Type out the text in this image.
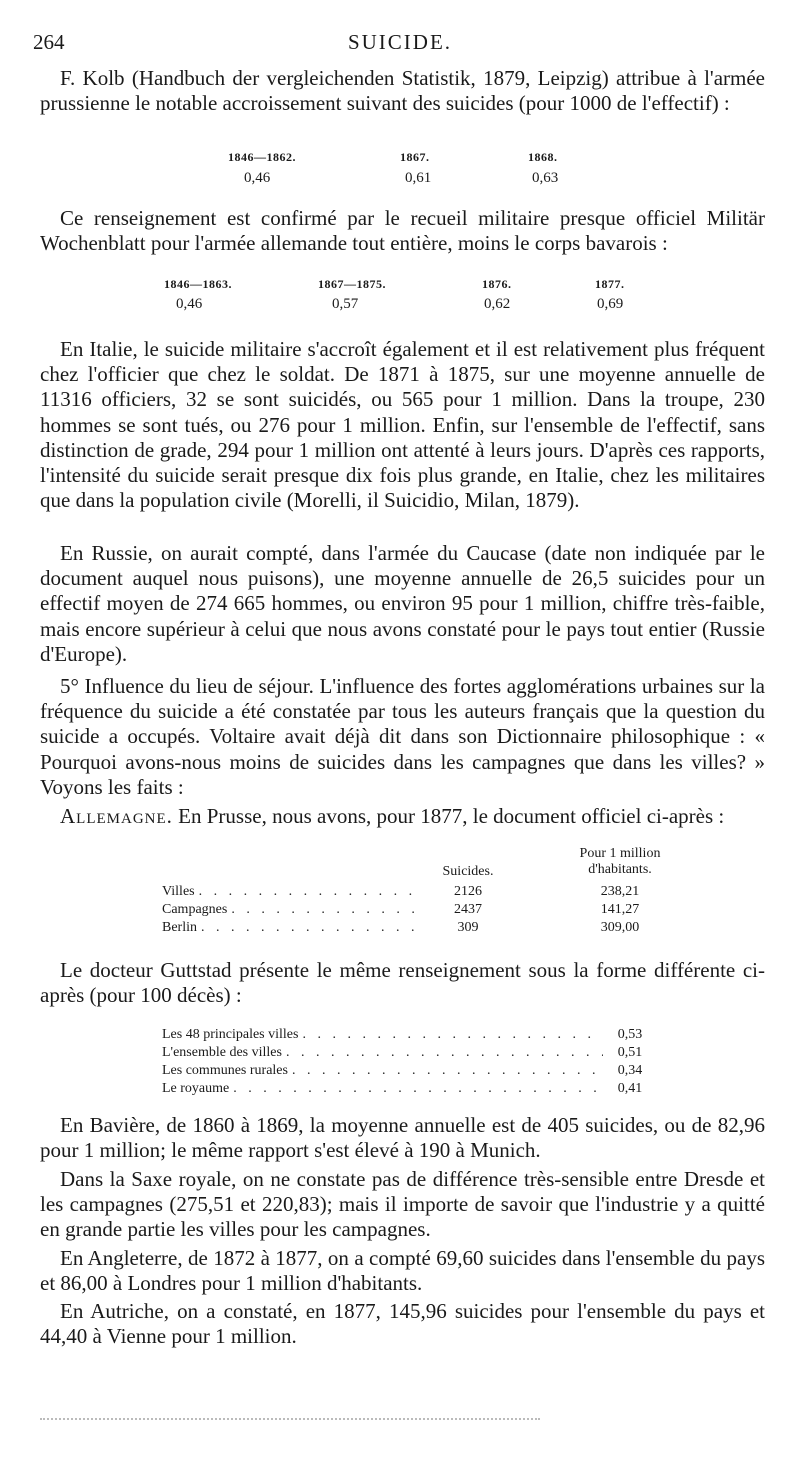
264	SUICIDE.

F. Kolb (Handbuch der vergleichenden Statistik, 1879, Leipzig) attribue à l'armée prussienne le notable accroissement suivant des suicides (pour 1000 de l'effectif) :

1846—1862.	1867.	1868.
0,46	0,61	0,63

Ce renseignement est confirmé par le recueil militaire presque officiel Militär Wochenblatt pour l'armée allemande tout entière, moins le corps bavarois :

1846—1863.	1867—1875.	1876.	1877.
0,46	0,57	0,62	0,69

En Italie, le suicide militaire s'accroît également et il est relativement plus fréquent chez l'officier que chez le soldat. De 1871 à 1875, sur une moyenne annuelle de 11316 officiers, 32 se sont suicidés, ou 565 pour 1 million. Dans la troupe, 230 hommes se sont tués, ou 276 pour 1 million. Enfin, sur l'ensemble de l'effectif, sans distinction de grade, 294 pour 1 million ont attenté à leurs jours. D'après ces rapports, l'intensité du suicide serait presque dix fois plus grande, en Italie, chez les militaires que dans la population civile (Morelli, il Suicidio, Milan, 1879).

En Russie, on aurait compté, dans l'armée du Caucase (date non indiquée par le document auquel nous puisons), une moyenne annuelle de 26,5 suicides pour un effectif moyen de 274 665 hommes, ou environ 95 pour 1 million, chiffre très-faible, mais encore supérieur à celui que nous avons constaté pour le pays tout entier (Russie d'Europe).

5° Influence du lieu de séjour. L'influence des fortes agglomérations urbaines sur la fréquence du suicide a été constatée par tous les auteurs français que la question du suicide a occupés. Voltaire avait déjà dit dans son Dictionnaire philosophique : « Pourquoi avons-nous moins de suicides dans les campagnes que dans les villes? » Voyons les faits :

Allemagne. En Prusse, nous avons, pour 1877, le document officiel ci-après :

Suicides.
Pour 1 million
d'habitants.
Villes . . .	2126	238,21
Campagnes . . .	2437	141,27
Berlin . . .	309	309,00

Le docteur Guttstad présente le même renseignement sous la forme différente ci-après (pour 100 décès) :

Les 48 principales villes . . .	0,53
L'ensemble des villes . . .	0,51
Les communes rurales . . .	0,34
Le royaume . . .	0,41

En Bavière, de 1860 à 1869, la moyenne annuelle est de 405 suicides, ou de 82,96 pour 1 million; le même rapport s'est élevé à 190 à Munich.

Dans la Saxe royale, on ne constate pas de différence très-sensible entre Dresde et les campagnes (275,51 et 220,83); mais il importe de savoir que l'industrie y a quitté en grande partie les villes pour les campagnes.

En Angleterre, de 1872 à 1877, on a compté 69,60 suicides dans l'ensemble du pays et 86,00 à Londres pour 1 million d'habitants.

En Autriche, on a constaté, en 1877, 145,96 suicides pour l'ensemble du pays et 44,40 à Vienne pour 1 million.
